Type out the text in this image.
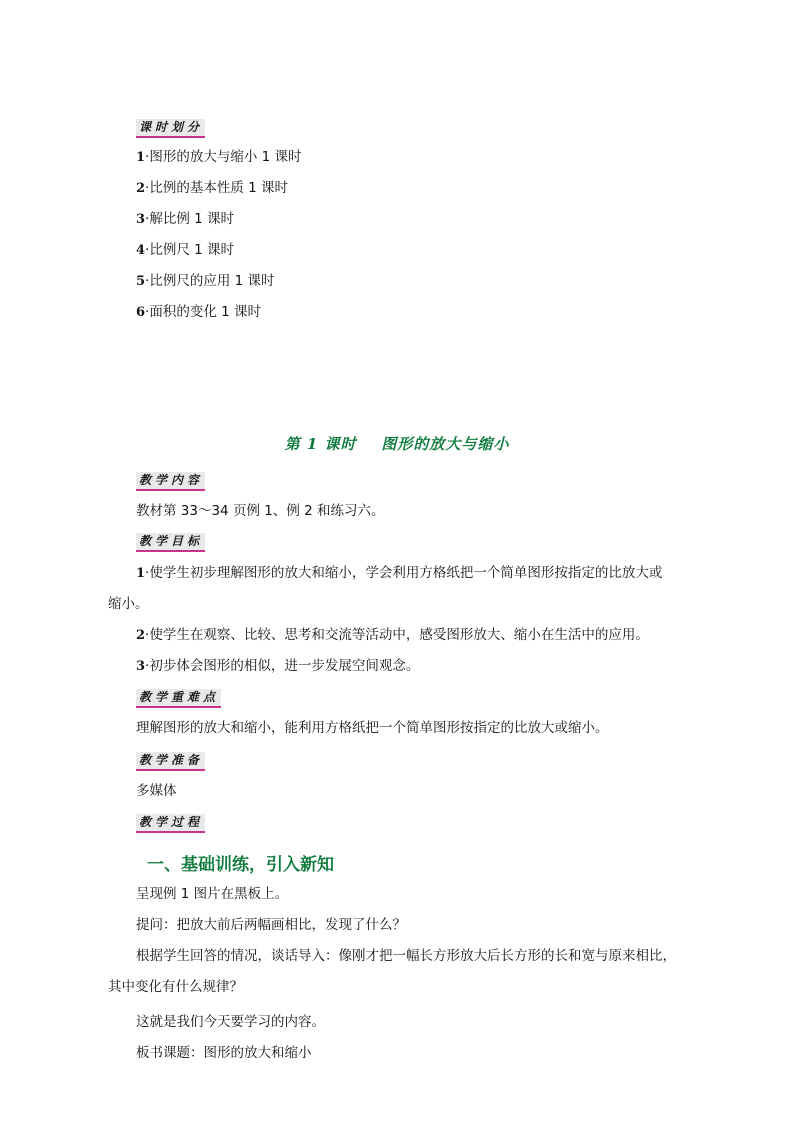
课时划分
1·图形的放大与缩小 1 课时
2·比例的基本性质 1 课时
3·解比例 1 课时
4·比例尺 1 课时
5·比例尺的应用 1 课时
6·面积的变化 1 课时
第 1 课时    图形的放大与缩小
教学内容
教材第 33～34 页例 1、例 2 和练习六。
教学目标
1·使学生初步理解图形的放大和缩小，学会利用方格纸把一个简单图形按指定的比放大或
缩小。
2·使学生在观察、比较、思考和交流等活动中，感受图形放大、缩小在生活中的应用。
3·初步体会图形的相似，进一步发展空间观念。
教学重难点
理解图形的放大和缩小，能利用方格纸把一个简单图形按指定的比放大或缩小。
教学准备
多媒体
教学过程
一、基础训练，引入新知
呈现例 1 图片在黑板上。
提问：把放大前后两幅画相比，发现了什么？
根据学生回答的情况，谈话导入：像刚才把一幅长方形放大后长方形的长和宽与原来相比，
其中变化有什么规律？
这就是我们今天要学习的内容。
板书课题：图形的放大和缩小
